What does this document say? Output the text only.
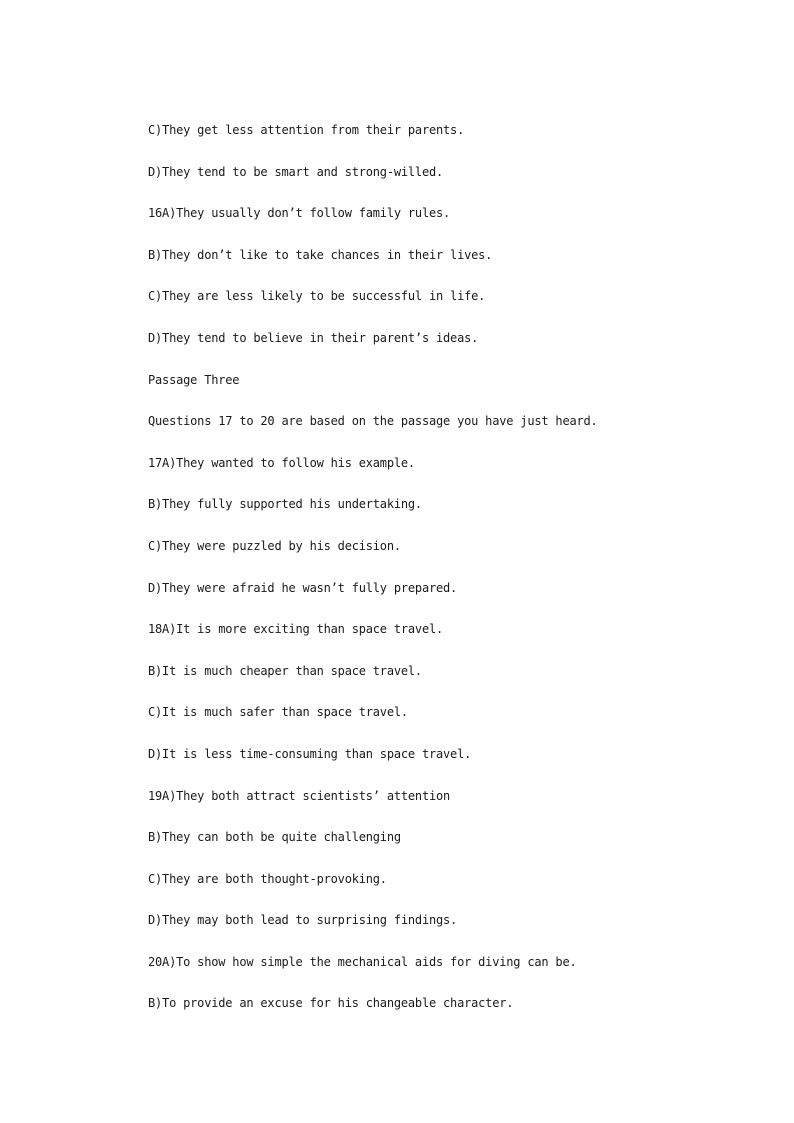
C)They get less attention from their parents.
D)They tend to be smart and strong-willed.
16A)They usually don’t follow family rules.
B)They don’t like to take chances in their lives.
C)They are less likely to be successful in life.
D)They tend to believe in their parent’s ideas.
Passage Three
Questions 17 to 20 are based on the passage you have just heard.
17A)They wanted to follow his example.
B)They fully supported his undertaking.
C)They were puzzled by his decision.
D)They were afraid he wasn’t fully prepared.
18A)It is more exciting than space travel.
B)It is much cheaper than space travel.
C)It is much safer than space travel.
D)It is less time-consuming than space travel.
19A)They both attract scientists’ attention
B)They can both be quite challenging
C)They are both thought-provoking.
D)They may both lead to surprising findings.
20A)To show how simple the mechanical aids for diving can be.
B)To provide an excuse for his changeable character.
